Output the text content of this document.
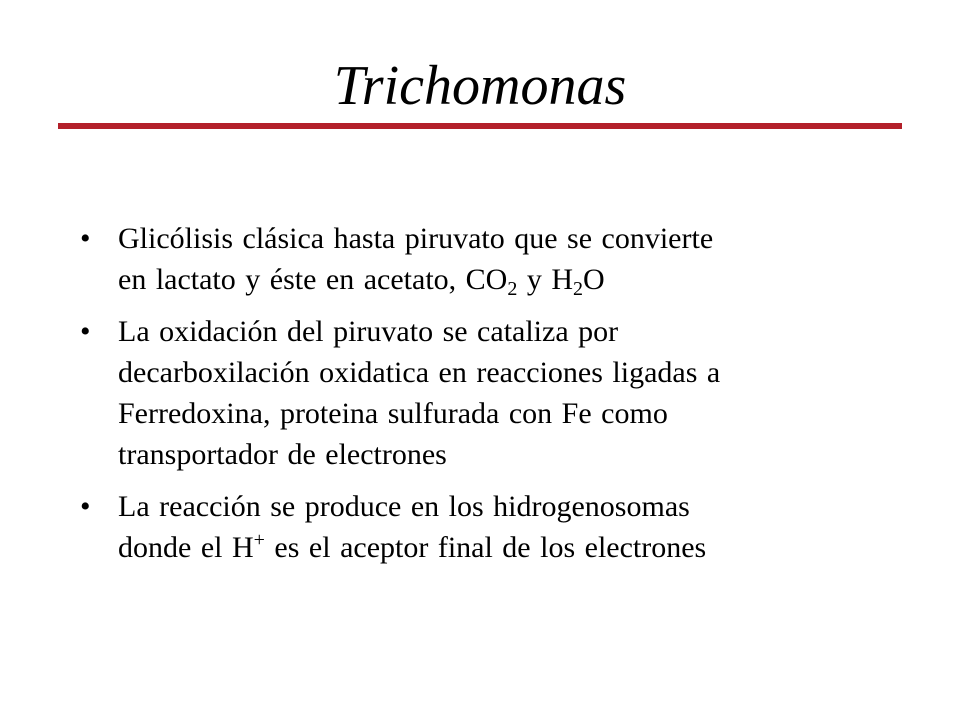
Trichomonas
• Glicólisis clásica hasta piruvato que se convierte
en lactato y éste en acetato, $CO_2$ y $H_2O$
• La oxidación del piruvato se cataliza por
decarboxilación oxidatica en reacciones ligadas a
Ferredoxina, proteina sulfurada con Fe como
transportador de electrones
• La reacción se produce en los hidrogenosomas
donde el H+ es el aceptor final de los electrones
